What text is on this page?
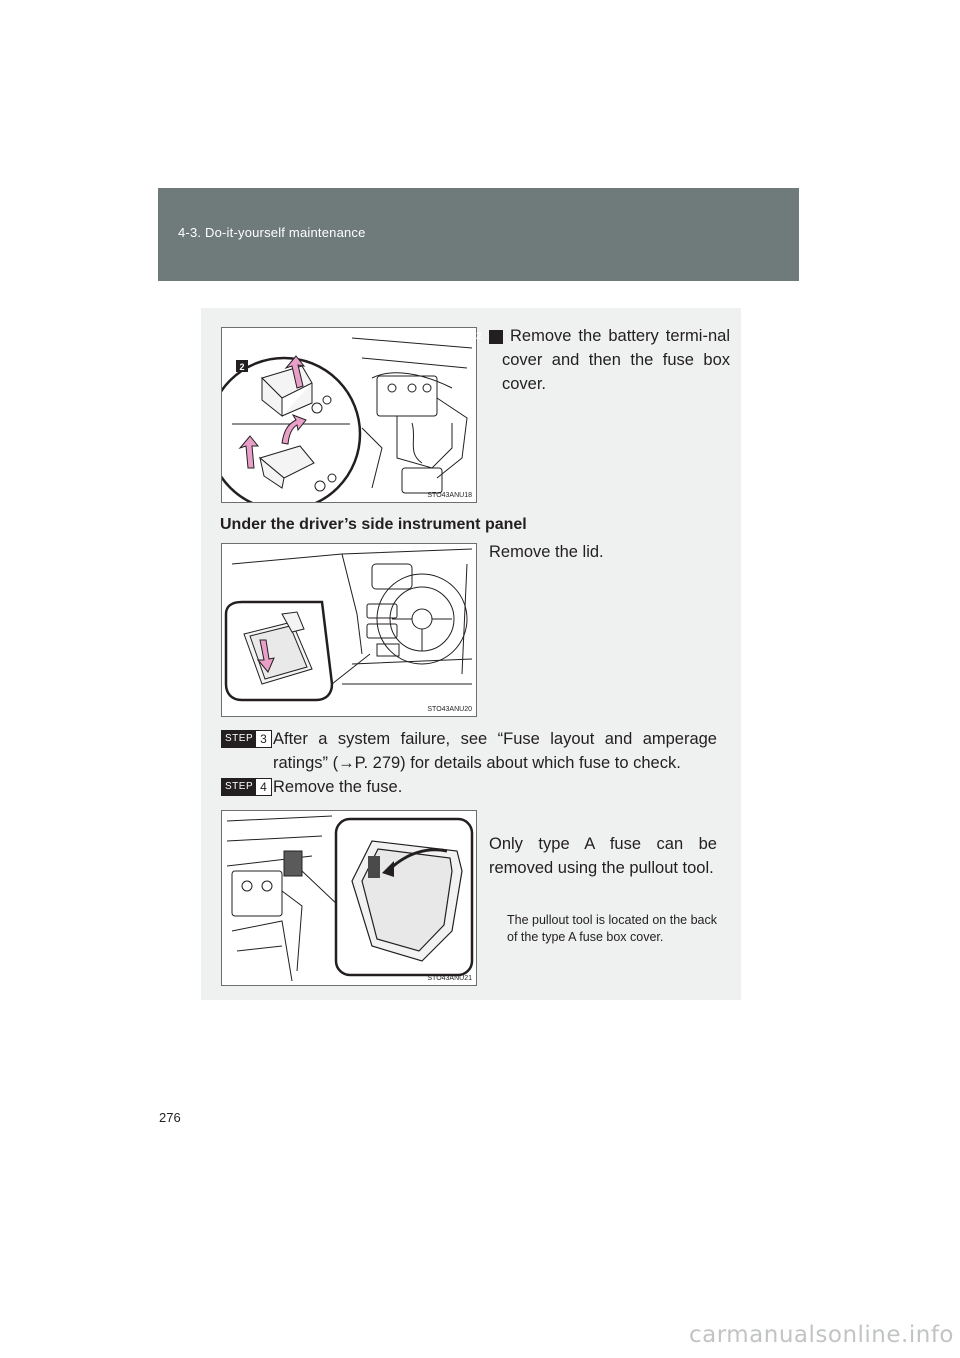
4-3. Do-it-yourself maintenance
2
STO43ANU18
2 Remove the battery termi-nal cover and then the fuse box cover.
Under the driver’s side instrument panel
STO43ANU20
Remove the lid.
STEP 3 After a system failure, see “Fuse layout and amperage ratings” (→P. 279) for details about which fuse to check.
STEP 4 Remove the fuse.
STO43ANU21
Only type A fuse can be removed using the pullout tool.
The pullout tool is located on the back of the type A fuse box cover.
276
carmanualsonline.info
